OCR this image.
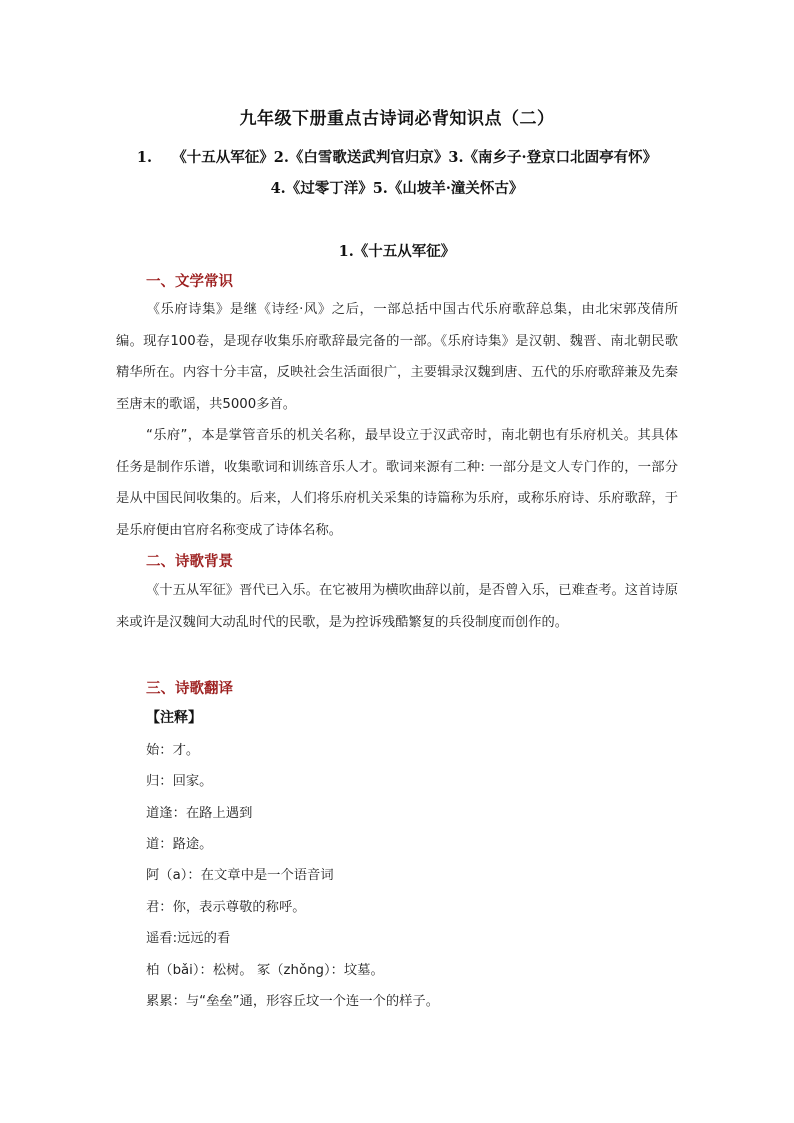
九年级下册重点古诗词必背知识点（二）
1.    《十五从军征》2.《白雪歌送武判官归京》3.《南乡子·登京口北固亭有怀》
4.《过零丁洋》5.《山坡羊·潼关怀古》
1.《十五从军征》
一、文学常识
《乐府诗集》是继《诗经·风》之后，一部总括中国古代乐府歌辞总集，由北宋郭茂倩所编。现存100卷，是现存收集乐府歌辞最完备的一部。《乐府诗集》是汉朝、魏晋、南北朝民歌精华所在。内容十分丰富，反映社会生活面很广，主要辑录汉魏到唐、五代的乐府歌辞兼及先秦至唐末的歌谣，共5000多首。
“乐府”，本是掌管音乐的机关名称，最早设立于汉武帝时，南北朝也有乐府机关。其具体任务是制作乐谱，收集歌词和训练音乐人才。歌词来源有二种: 一部分是文人专门作的，一部分是从中国民间收集的。后来，人们将乐府机关采集的诗篇称为乐府，或称乐府诗、乐府歌辞，于是乐府便由官府名称变成了诗体名称。
二、诗歌背景
《十五从军征》晋代已入乐。在它被用为横吹曲辞以前，是否曾入乐，已难查考。这首诗原来或许是汉魏间大动乱时代的民歌，是为控诉残酷繁复的兵役制度而创作的。
三、诗歌翻译
【注释】
始：才。
归：回家。
道逢：在路上遇到
道：路途。
阿（a）：在文章中是一个语音词
君：你，表示尊敬的称呼。
遥看:远远的看
柏（bǎi）：松树。 冢（zhǒng）：坟墓。
累累：与“垒垒”通，形容丘坟一个连一个的样子。
